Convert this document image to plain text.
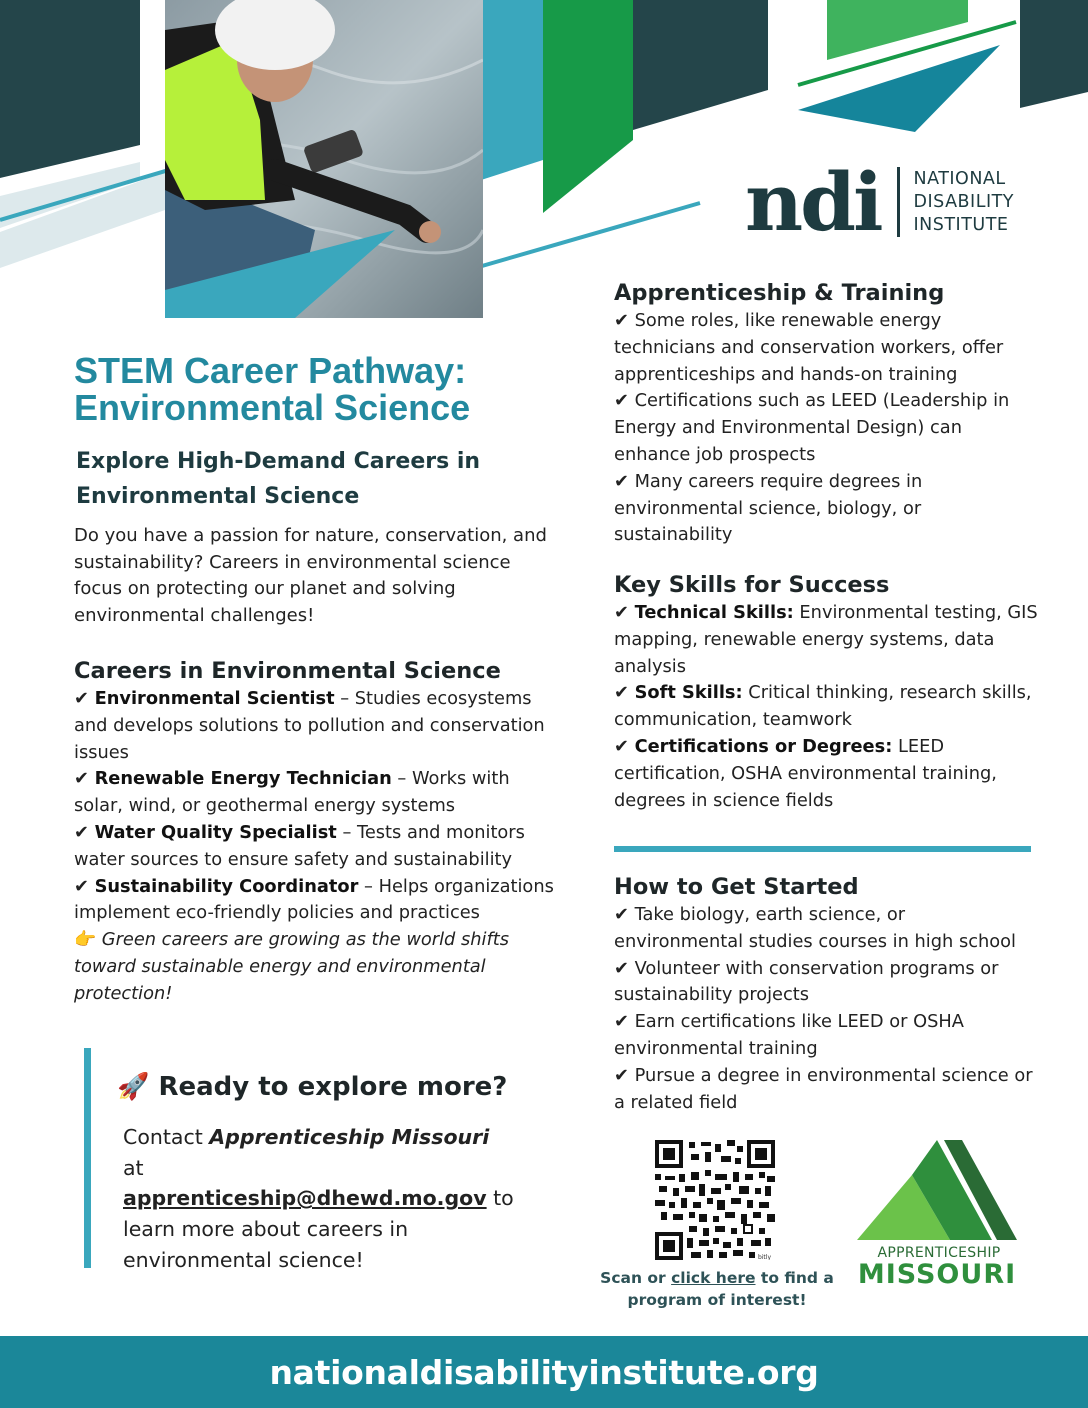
ndi NATIONAL
DISABILITY
INSTITUTE
STEM Career Pathway:
Environmental Science
Explore High-Demand Careers in
Environmental Science

Do you have a passion for nature, conservation, and sustainability? Careers in environmental science focus on protecting our planet and solving environmental challenges!

Careers in Environmental Science
✔ Environmental Scientist – Studies ecosystems and develops solutions to pollution and conservation issues
✔ Renewable Energy Technician – Works with solar, wind, or geothermal energy systems
✔ Water Quality Specialist – Tests and monitors water sources to ensure safety and sustainability
✔ Sustainability Coordinator – Helps organizations implement eco-friendly policies and practices
👉 Green careers are growing as the world shifts toward sustainable energy and environmental protection!
🚀 Ready to explore more?

Contact Apprenticeship Missouri at
apprenticeship@dhewd.mo.gov to learn more about careers in environmental science!

Apprenticeship & Training
✔ Some roles, like renewable energy technicians and conservation workers, offer apprenticeships and hands-on training
✔ Certifications such as LEED (Leadership in Energy and Environmental Design) can enhance job prospects
✔ Many careers require degrees in environmental science, biology, or sustainability
Key Skills for Success
✔ Technical Skills: Environmental testing, GIS mapping, renewable energy systems, data analysis
✔ Soft Skills: Critical thinking, research skills, communication, teamwork
✔ Certifications or Degrees: LEED certification, OSHA environmental training, degrees in science fields
How to Get Started
✔ Take biology, earth science, or environmental studies courses in high school
✔ Volunteer with conservation programs or sustainability projects
✔ Earn certifications like LEED or OSHA environmental training
✔ Pursue a degree in environmental science or a related field
bitly

Scan or click here to find a program of interest!

APPRENTICESHIP
MISSOURI
nationaldisabilityinstitute.org
